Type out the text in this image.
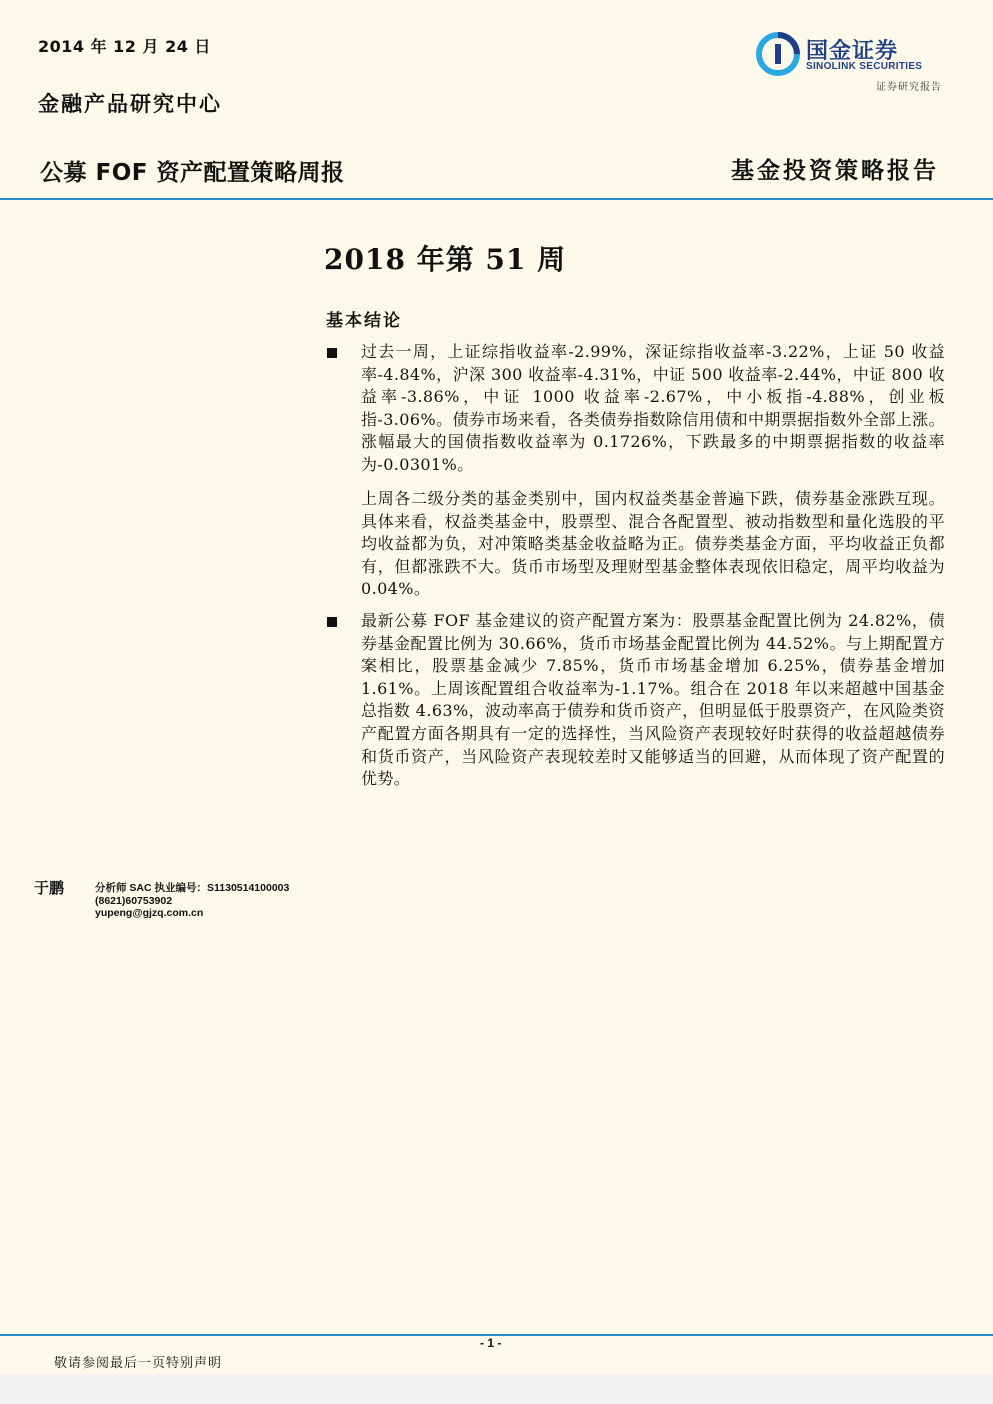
2014 年 12 月 24 日
金融产品研究中心
国金证券
SINOLINK SECURITIES
证券研究报告
公募 FOF 资产配置策略周报	基金投资策略报告
2018 年第 51 周
基本结论
过去一周，上证综指收益率-2.99%，深证综指收益率-3.22%，上证 50 收益率-4.84%，沪深 300 收益率-4.31%，中证 500 收益率-2.44%，中证 800 收益率-3.86%，中证 1000 收益率-2.67%，中小板指-4.88%，创业板指-3.06%。债券市场来看，各类债券指数除信用债和中期票据指数外全部上涨。涨幅最大的国债指数收益率为 0.1726%，下跌最多的中期票据指数的收益率为-0.0301%。
上周各二级分类的基金类别中，国内权益类基金普遍下跌，债券基金涨跌互现。具体来看，权益类基金中，股票型、混合各配置型、被动指数型和量化选股的平均收益都为负，对冲策略类基金收益略为正。债券类基金方面，平均收益正负都有，但都涨跌不大。货币市场型及理财型基金整体表现依旧稳定，周平均收益为 0.04%。
最新公募 FOF 基金建议的资产配置方案为：股票基金配置比例为 24.82%，债券基金配置比例为 30.66%，货币市场基金配置比例为 44.52%。与上期配置方案相比，股票基金减少 7.85%，货币市场基金增加 6.25%，债券基金增加 1.61%。上周该配置组合收益率为-1.17%。组合在 2018 年以来超越中国基金总指数 4.63%，波动率高于债券和货币资产，但明显低于股票资产，在风险类资产配置方面各期具有一定的选择性，当风险资产表现较好时获得的收益超越债券和货币资产，当风险资产表现较差时又能够适当的回避，从而体现了资产配置的优势。
于鹏	分析师 SAC 执业编号：S1130514100003
(8621)60753902
yupeng@gjzq.com.cn
- 1 -
敬请参阅最后一页特别声明
